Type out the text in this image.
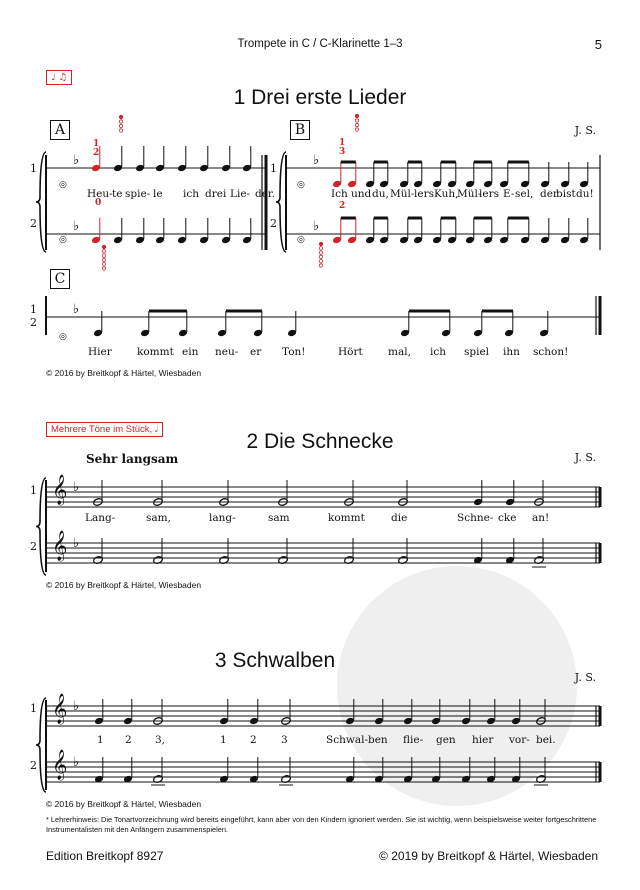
Trompete in C / C-Klarinette 1–3	5
♭
♭
1
2
◎
◎
1
2
0
1
2
♭
♭
◎
◎
1
3
2
1
2
♭
◎
1
2
𝄞
𝄞
♭
♭
1
2
𝄞
𝄞
♭
♭
♩ ♫
1 Drei erste Lieder
J. S.
A	B
C
Heu- te spie- le ich drei Lie- der.	Ich und du, Mül- lers Kuh,
Mül-
lers E- sel, der
bist du!
Hier kommt ein neu- er Ton!	Hört mal, ich spiel ihn schon!
© 2016 by Breitkopf & Härtel, Wiesbaden
Mehrere Töne im Stück, 𝅗𝅥
2 Die Schnecke
J. S.
Sehr langsam
Lang-	sam,	lang-	sam	kommt die	Schne- cke an!
© 2016 by Breitkopf & Härtel, Wiesbaden
3 Schwalben
J. S.
1 2 3,	1 2 3	Schwal-ben flie- gen hier vor- bei.
© 2016 by Breitkopf & Härtel, Wiesbaden
* Lehrerhinweis: Die Tonartvorzeichnung wird bereits eingeführt, kann aber von den Kindern ignoriert werden. Sie ist wichtig, wenn beispielsweise weiter fortgeschrittene Instrumentalisten mit den Anfängern zusammenspielen.
Edition Breitkopf 8927	© 2019 by Breitkopf & Härtel, Wiesbaden
